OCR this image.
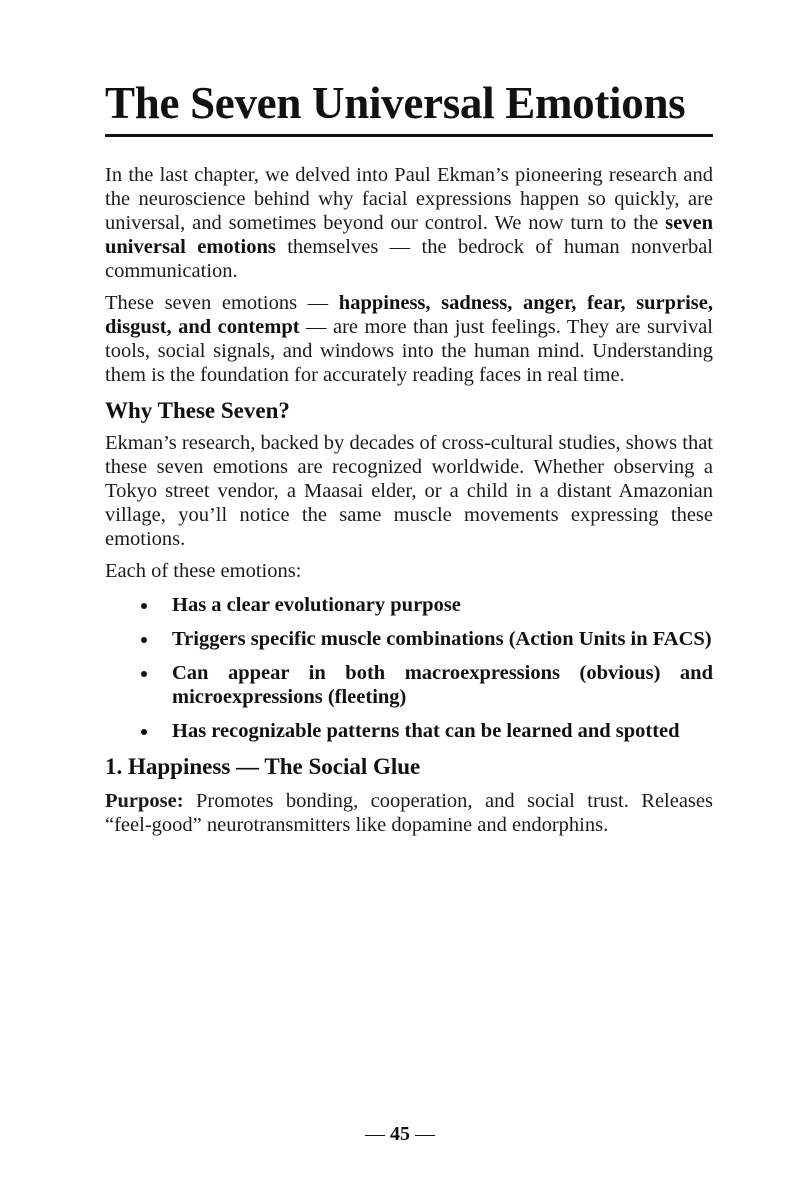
The Seven Universal Emotions

In the last chapter, we delved into Paul Ekman’s pioneering research and the neuroscience behind why facial expressions happen so quickly, are universal, and sometimes beyond our control. We now turn to the seven universal emotions themselves — the bedrock of human nonverbal communication.

These seven emotions — happiness, sadness, anger, fear, surprise, disgust, and contempt — are more than just feelings. They are survival tools, social signals, and windows into the human mind. Understanding them is the foundation for accurately reading faces in real time.

Why These Seven?

Ekman’s research, backed by decades of cross-cultural studies, shows that these seven emotions are recognized worldwide. Whether observing a Tokyo street vendor, a Maasai elder, or a child in a distant Amazonian village, you’ll notice the same muscle movements expressing these emotions.

Each of these emotions:

Has a clear evolutionary purpose
Triggers specific muscle combinations (Action Units in FACS)
Can appear in both macroexpressions (obvious) and microexpressions (fleeting)
Has recognizable patterns that can be learned and spotted
1. Happiness — The Social Glue

Purpose: Promotes bonding, cooperation, and social trust. Releases “feel-good” neurotransmitters like dopamine and endorphins.

— 45 —
